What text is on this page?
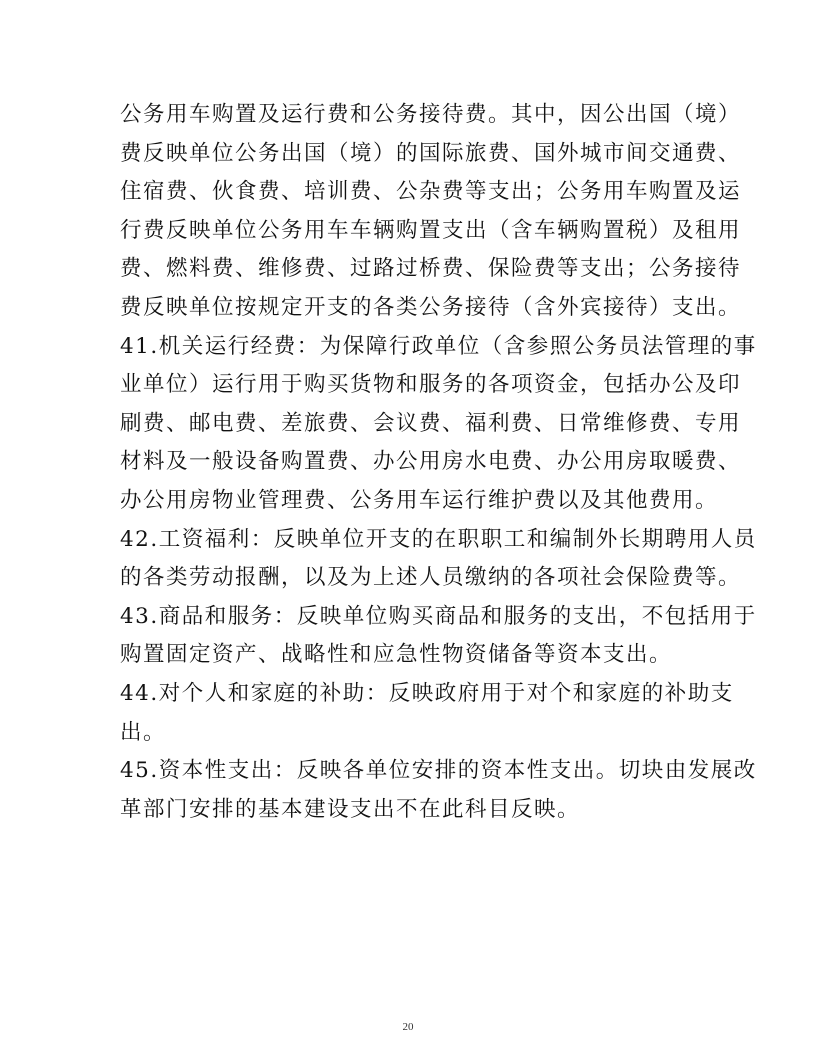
公务用车购置及运行费和公务接待费。其中，因公出国（境）
费反映单位公务出国（境）的国际旅费、国外城市间交通费、
住宿费、伙食费、培训费、公杂费等支出；公务用车购置及运
行费反映单位公务用车车辆购置支出（含车辆购置税）及租用
费、燃料费、维修费、过路过桥费、保险费等支出；公务接待
费反映单位按规定开支的各类公务接待（含外宾接待）支出。
41.机关运行经费：为保障行政单位（含参照公务员法管理的事
业单位）运行用于购买货物和服务的各项资金，包括办公及印
刷费、邮电费、差旅费、会议费、福利费、日常维修费、专用
材料及一般设备购置费、办公用房水电费、办公用房取暖费、
办公用房物业管理费、公务用车运行维护费以及其他费用。
42.工资福利：反映单位开支的在职职工和编制外长期聘用人员
的各类劳动报酬，以及为上述人员缴纳的各项社会保险费等。
43.商品和服务：反映单位购买商品和服务的支出，不包括用于
购置固定资产、战略性和应急性物资储备等资本支出。
44.对个人和家庭的补助：反映政府用于对个和家庭的补助支
出。
45.资本性支出：反映各单位安排的资本性支出。切块由发展改
革部门安排的基本建设支出不在此科目反映。
20
